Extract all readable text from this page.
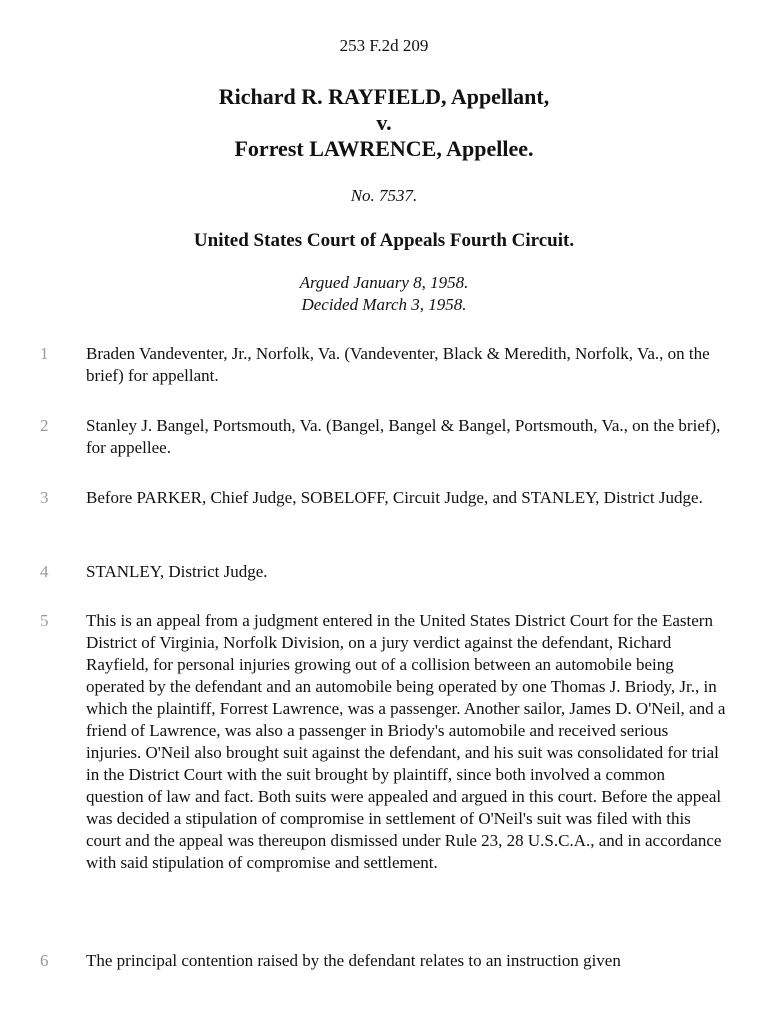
253 F.2d 209
Richard R. RAYFIELD, Appellant,
v.
Forrest LAWRENCE, Appellee.
No. 7537.
United States Court of Appeals Fourth Circuit.
Argued January 8, 1958.
Decided March 3, 1958.
1	Braden Vandeventer, Jr., Norfolk, Va. (Vandeventer, Black & Meredith, Norfolk, Va., on the brief) for appellant.
2	Stanley J. Bangel, Portsmouth, Va. (Bangel, Bangel & Bangel, Portsmouth, Va., on the brief), for appellee.
3	Before PARKER, Chief Judge, SOBELOFF, Circuit Judge, and STANLEY, District Judge.
4	STANLEY, District Judge.
5	This is an appeal from a judgment entered in the United States District Court for the Eastern District of Virginia, Norfolk Division, on a jury verdict against the defendant, Richard Rayfield, for personal injuries growing out of a collision between an automobile being operated by the defendant and an automobile being operated by one Thomas J. Briody, Jr., in which the plaintiff, Forrest Lawrence, was a passenger. Another sailor, James D. O'Neil, and a friend of Lawrence, was also a passenger in Briody's automobile and received serious injuries. O'Neil also brought suit against the defendant, and his suit was consolidated for trial in the District Court with the suit brought by plaintiff, since both involved a common question of law and fact. Both suits were appealed and argued in this court. Before the appeal was decided a stipulation of compromise in settlement of O'Neil's suit was filed with this court and the appeal was thereupon dismissed under Rule 23, 28 U.S.C.A., and in accordance with said stipulation of compromise and settlement.
6	The principal contention raised by the defendant relates to an instruction given
